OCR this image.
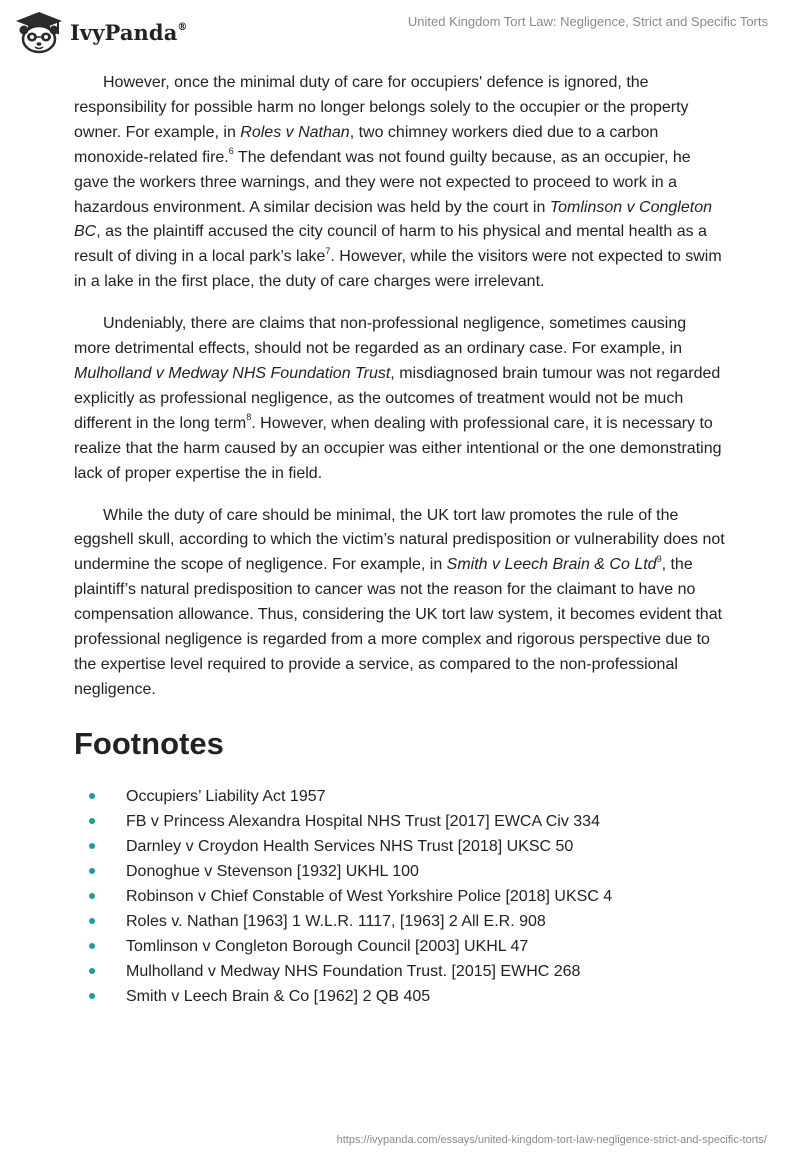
IvyPanda®	United Kingdom Tort Law: Negligence, Strict and Specific Torts

However, once the minimal duty of care for occupiers' defence is ignored, the responsibility for possible harm no longer belongs solely to the occupier or the property owner. For example, in Roles v Nathan, two chimney workers died due to a carbon monoxide-related fire.$^6$ The defendant was not found guilty because, as an occupier, he gave the workers three warnings, and they were not expected to proceed to work in a hazardous environment. A similar decision was held by the court in Tomlinson v Congleton BC, as the plaintiff accused the city council of harm to his physical and mental health as a result of diving in a local park’s lake$^7$. However, while the visitors were not expected to swim in a lake in the first place, the duty of care charges were irrelevant.

Undeniably, there are claims that non-professional negligence, sometimes causing more detrimental effects, should not be regarded as an ordinary case. For example, in Mulholland v Medway NHS Foundation Trust, misdiagnosed brain tumour was not regarded explicitly as professional negligence, as the outcomes of treatment would not be much different in the long term$^8$. However, when dealing with professional care, it is necessary to realize that the harm caused by an occupier was either intentional or the one demonstrating lack of proper expertise the in field.

While the duty of care should be minimal, the UK tort law promotes the rule of the eggshell skull, according to which the victim’s natural predisposition or vulnerability does not undermine the scope of negligence. For example, in Smith v Leech Brain & Co Ltd$^9$, the plaintiff’s natural predisposition to cancer was not the reason for the claimant to have no compensation allowance. Thus, considering the UK tort law system, it becomes evident that professional negligence is regarded from a more complex and rigorous perspective due to the expertise level required to provide a service, as compared to the non-professional negligence.

Footnotes
Occupiers’ Liability Act 1957
FB v Princess Alexandra Hospital NHS Trust [2017] EWCA Civ 334
Darnley v Croydon Health Services NHS Trust [2018] UKSC 50
Donoghue v Stevenson [1932] UKHL 100
Robinson v Chief Constable of West Yorkshire Police [2018] UKSC 4
Roles v. Nathan [1963] 1 W.L.R. 1117, [1963] 2 All E.R. 908
Tomlinson v Congleton Borough Council [2003] UKHL 47
Mulholland v Medway NHS Foundation Trust. [2015] EWHC 268
Smith v Leech Brain & Co [1962] 2 QB 405
https://ivypanda.com/essays/united-kingdom-tort-law-negligence-strict-and-specific-torts/
